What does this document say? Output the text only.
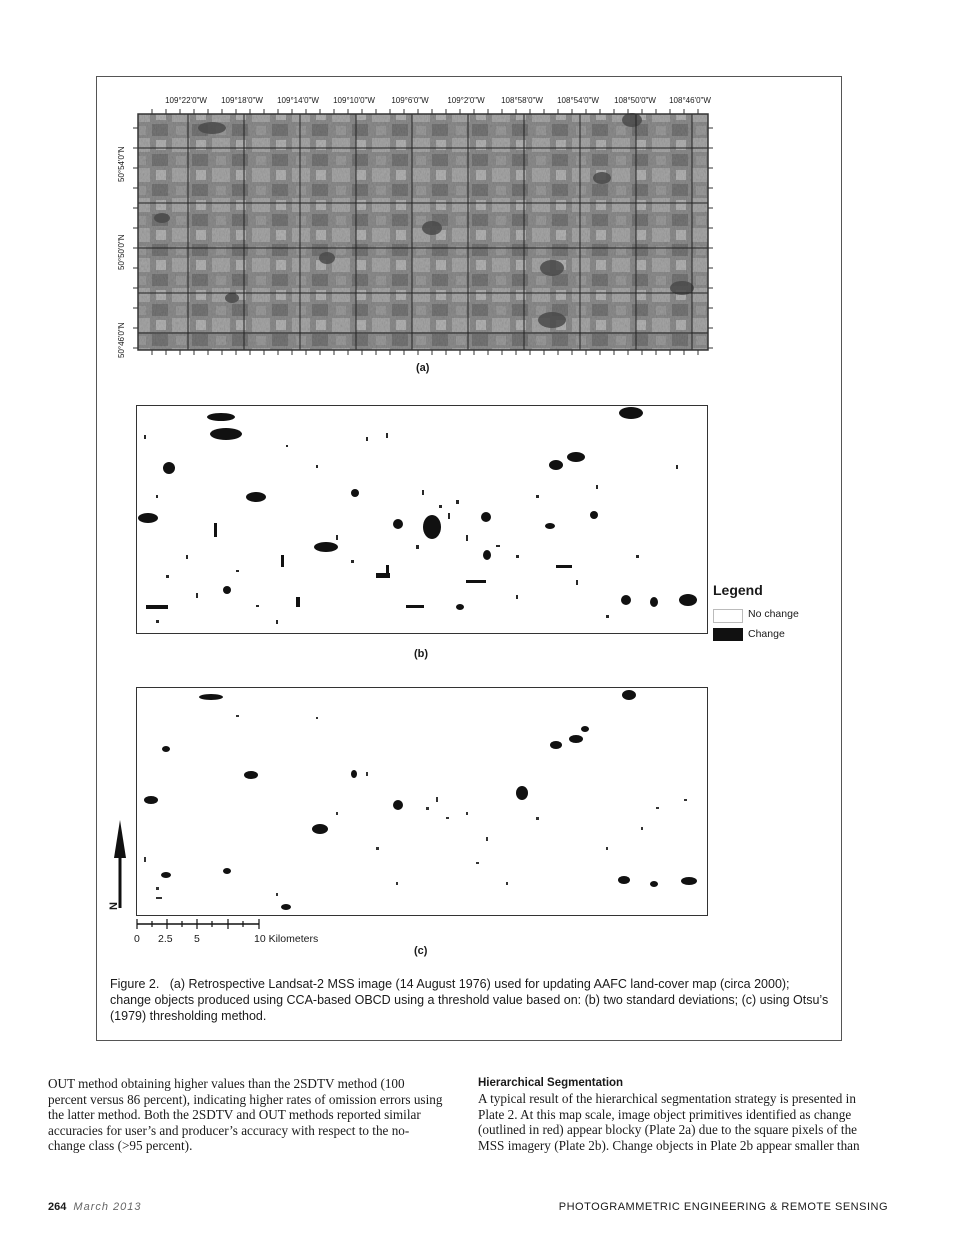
109°22'0"W 109°18'0"W 109°14'0"W 109°10'0"W 109°6'0"W 109°2'0"W 108°58'0"W 108°54'0"W 108°50'0"W 108°46'0"W
50°54'0"N
50°50'0"N
50°46'0"N
(a)
(b)
Legend
No change
Change
N
0 2.5 5	10 Kilometers
(c)
Figure 2. (a) Retrospective Landsat-2 MSS image (14 August 1976) used for updating AAFC land-cover map (circa 2000); change objects produced using CCA-based OBCD using a threshold value based on: (b) two standard deviations; (c) using Otsu’s (1979) thresholding method.

OUT method obtaining higher values than the 2SDTV method (100 percent versus 86 percent), indicating higher rates of omission errors using the latter method. Both the 2SDTV and OUT methods reported similar accuracies for user’s and producer’s accuracy with respect to the no-change class (>95 percent).

Hierarchical Segmentation

A typical result of the hierarchical segmentation strategy is presented in Plate 2. At this map scale, image object primitives identified as change (outlined in red) appear blocky (Plate 2a) due to the square pixels of the MSS imagery (Plate 2b). Change objects in Plate 2b appear smaller than

264 March 2013	PHOTOGRAMMETRIC ENGINEERING & REMOTE SENSING
